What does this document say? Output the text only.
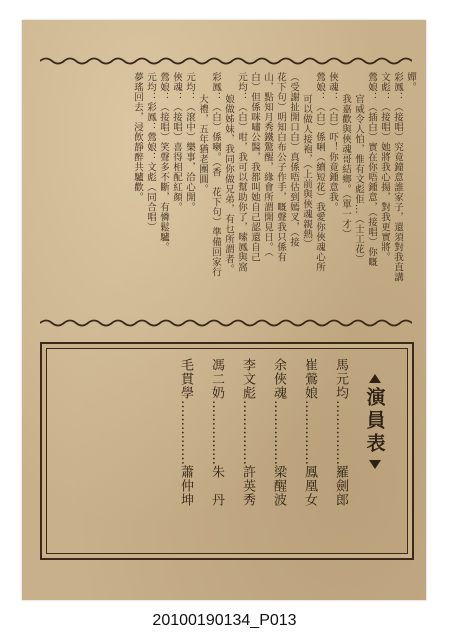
嬋。
彩鳳：（接唱）究竟鐘意誰家子，還須對我直講
文彪：（接唱）她將我心揚，對我更實將。
鶯娘：（插白）實在你唔鍾意，（接唱）你嘅
官威令人怕，惟有文彪佢…（士工花）
我嘉歡與俠魂哥結鄉。（單一才）
俠魂：（白）吓！你竟鍾意我。
鶯娘：（白）係唎（續短花）我愛你俠魂心所
可以做人接袍，（上前與俠魂親熱）
（受謝扯開口白）真係唔估到嫣叉，（接
花下句）明知白布公子作手，嘅聲我只係有
山，點知月秀鐵驚醒，緣會所謂開見日。（
白）但係咪嘯公醫，我都叫她自己認還自己
元均：（白）咁，我可以幫助你了，嗦鳳與窩
娘做姊妹，我同你做兄弟，有乜所謂者。
彩鳳：（白）係喇。（香　花下句）準備回家行
大禮，五年猶老團圓。
元均：（滾中）樂事，洽心開。
俠魂：（接唱）喜得相配紅顏。
鶯娘：（接唱）笑聲多不斷，有憐鬆驢。
元均：彩鳳：鶯娘：文彪（同合唱）
夢瑤回去，浸飲靜醉共驢歡。
演員表
馬元均……………羅劍郎
崔鶯娘……………鳳凰女
余俠魂……………梁醒波
李文彪……………許英秀
馮二奶……………朱　丹
毛貫學……………蕭仲坤
20100190134_P013
